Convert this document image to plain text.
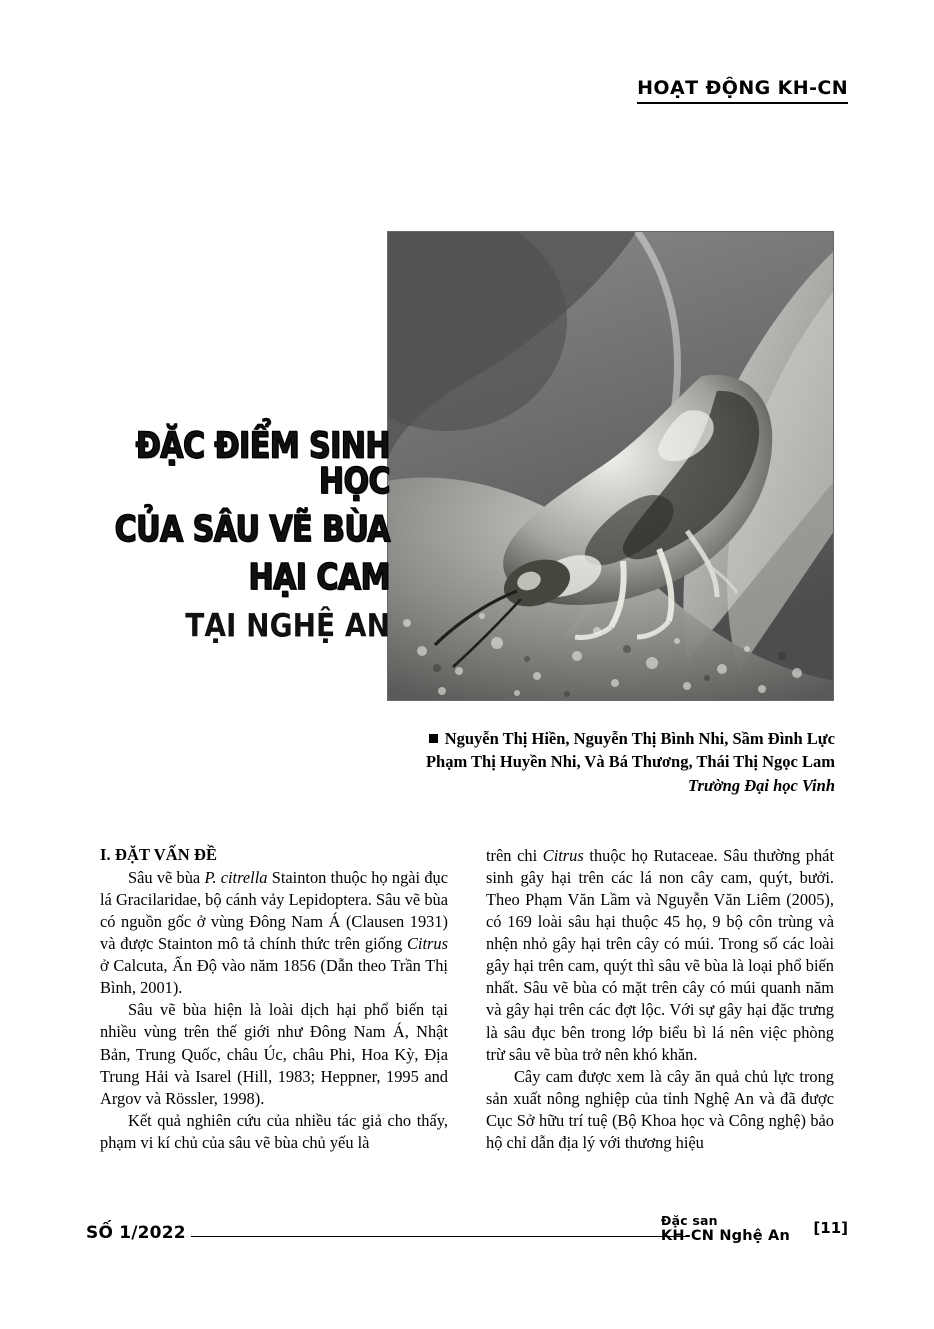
HOẠT ĐỘNG KH-CN
ĐẶC ĐIỂM SINH HỌC
CỦA SÂU VẼ BÙA
HẠI CAM
TẠI NGHỆ AN
Nguyễn Thị Hiền, Nguyễn Thị Bình Nhi, Sầm Đình Lực
Phạm Thị Huyền Nhi, Và Bá Thương, Thái Thị Ngọc Lam
Trường Đại học Vinh
I. ĐẶT VẤN ĐỀ

Sâu vẽ bùa P. citrella Stainton thuộc họ ngài đục lá Gracilaridae, bộ cánh vảy Lepidoptera. Sâu vẽ bùa có nguồn gốc ở vùng Đông Nam Á (Clausen 1931) và được Stainton mô tả chính thức trên giống Citrus ở Calcuta, Ấn Độ vào năm 1856 (Dẫn theo Trần Thị Bình, 2001).

Sâu vẽ bùa hiện là loài dịch hại phổ biến tại nhiều vùng trên thế giới như Đông Nam Á, Nhật Bản, Trung Quốc, châu Úc, châu Phi, Hoa Kỳ, Địa Trung Hải và Isarel (Hill, 1983; Heppner, 1995 and Argov và Rössler, 1998).

Kết quả nghiên cứu của nhiều tác giả cho thấy, phạm vi kí chủ của sâu vẽ bùa chủ yếu là

trên chi Citrus thuộc họ Rutaceae. Sâu thường phát sinh gây hại trên các lá non cây cam, quýt, bưởi. Theo Phạm Văn Lầm và Nguyễn Văn Liêm (2005), có 169 loài sâu hại thuộc 45 họ, 9 bộ côn trùng và nhện nhỏ gây hại trên cây có múi. Trong số các loài gây hại trên cam, quýt thì sâu vẽ bùa là loại phổ biến nhất. Sâu vẽ bùa có mặt trên cây có múi quanh năm và gây hại trên các đợt lộc. Với sự gây hại đặc trưng là sâu đục bên trong lớp biểu bì lá nên việc phòng trừ sâu vẽ bùa trở nên khó khăn.

Cây cam được xem là cây ăn quả chủ lực trong sản xuất nông nghiệp của tỉnh Nghệ An và đã được Cục Sở hữu trí tuệ (Bộ Khoa học và Công nghệ) bảo hộ chỉ dẫn địa lý với thương hiệu

SỐ 1/2022
Đặc san
KH-CN Nghệ An [11]
